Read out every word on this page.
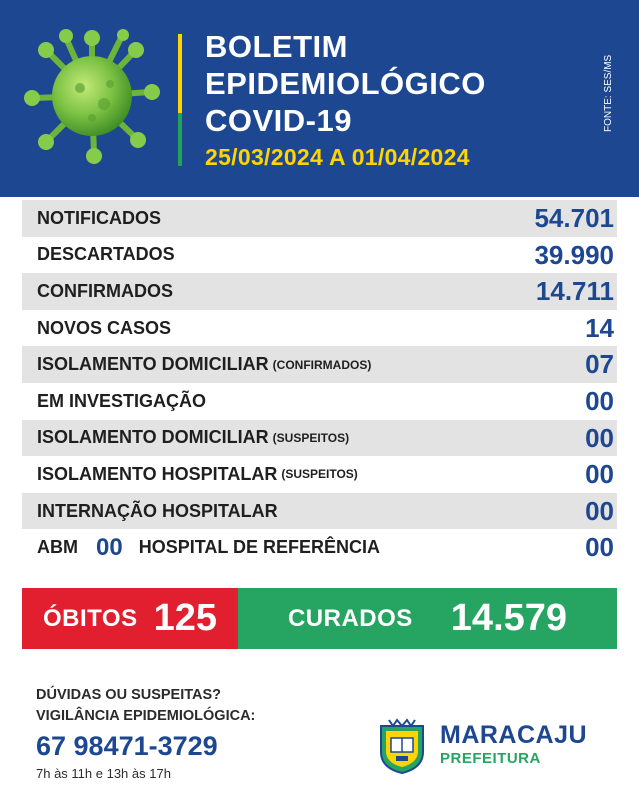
BOLETIM
EPIDEMIOLÓGICO
COVID-19
25/03/2024 A 01/04/2024
FONTE: SES/MS
NOTIFICADOS	54.701
DESCARTADOS	39.990
CONFIRMADOS	14.711
NOVOS CASOS	14
ISOLAMENTO DOMICILIAR (CONFIRMADOS)	07
EM INVESTIGAÇÃO	00
ISOLAMENTO DOMICILIAR (SUSPEITOS)	00
ISOLAMENTO HOSPITALAR (SUSPEITOS)	00
INTERNAÇÃO HOSPITALAR	00
ABM 00 HOSPITAL DE REFERÊNCIA	00
ÓBITOS 125	CURADOS 14.579
DÚVIDAS OU SUSPEITAS?
VIGILÂNCIA EPIDEMIOLÓGICA:
67 98471-3729
7h às 11h e 13h às 17h
MARACAJU
PREFEITURA
